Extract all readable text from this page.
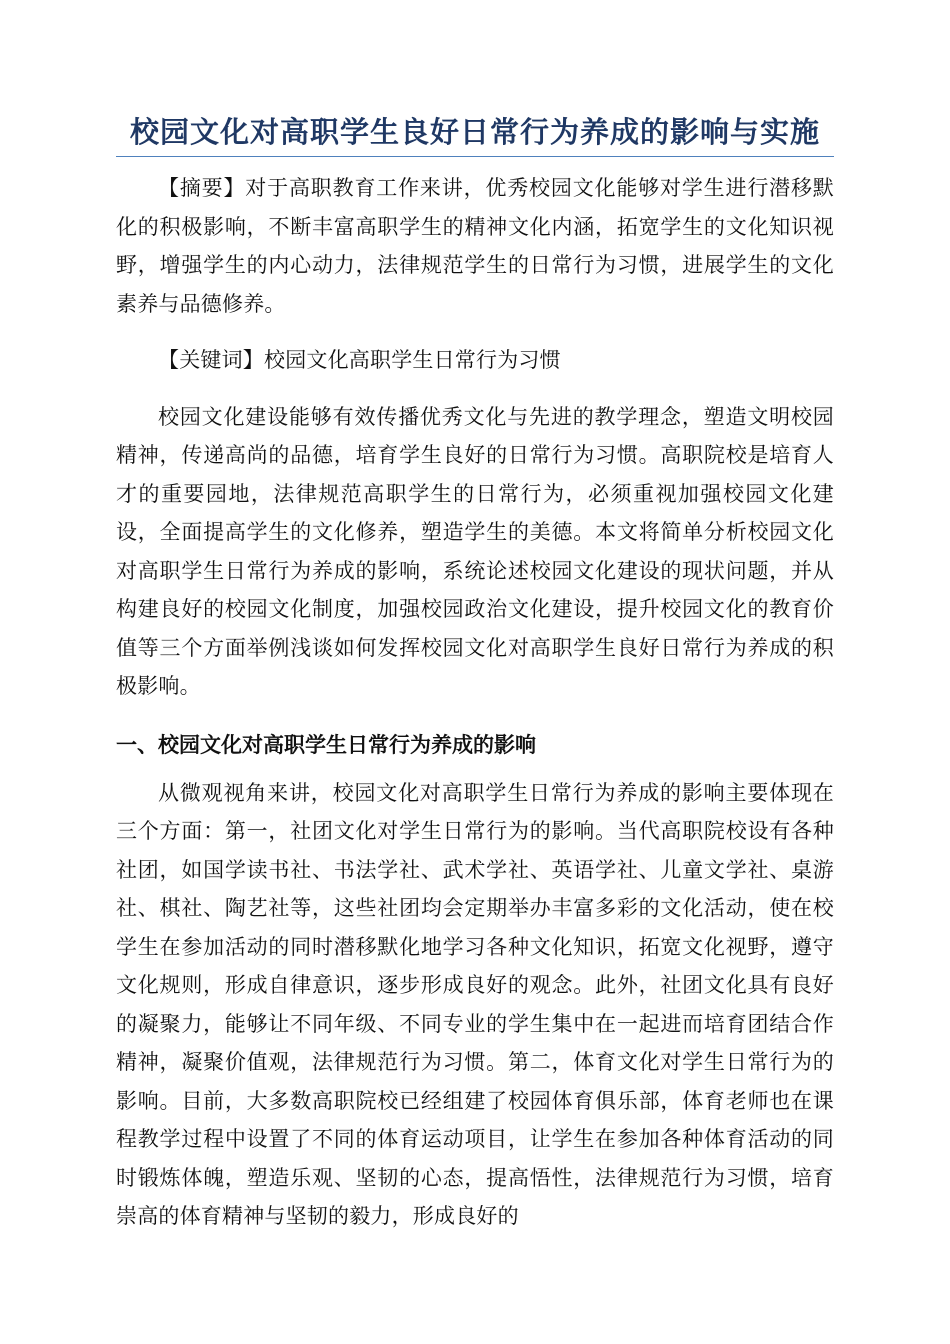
校园文化对高职学生良好日常行为养成的影响与实施

【摘要】对于高职教育工作来讲，优秀校园文化能够对学生进行潜移默化的积极影响，不断丰富高职学生的精神文化内涵，拓宽学生的文化知识视野，增强学生的内心动力，法律规范学生的日常行为习惯，进展学生的文化素养与品德修养。

【关键词】校园文化高职学生日常行为习惯

校园文化建设能够有效传播优秀文化与先进的教学理念，塑造文明校园精神，传递高尚的品德，培育学生良好的日常行为习惯。高职院校是培育人才的重要园地，法律规范高职学生的日常行为，必须重视加强校园文化建设，全面提高学生的文化修养，塑造学生的美德。本文将简单分析校园文化对高职学生日常行为养成的影响，系统论述校园文化建设的现状问题，并从构建良好的校园文化制度，加强校园政治文化建设，提升校园文化的教育价值等三个方面举例浅谈如何发挥校园文化对高职学生良好日常行为养成的积极影响。

一、校园文化对高职学生日常行为养成的影响

从微观视角来讲，校园文化对高职学生日常行为养成的影响主要体现在三个方面：第一，社团文化对学生日常行为的影响。当代高职院校设有各种社团，如国学读书社、书法学社、武术学社、英语学社、儿童文学社、桌游社、棋社、陶艺社等，这些社团均会定期举办丰富多彩的文化活动，使在校学生在参加活动的同时潜移默化地学习各种文化知识，拓宽文化视野，遵守文化规则，形成自律意识，逐步形成良好的观念。此外，社团文化具有良好的凝聚力，能够让不同年级、不同专业的学生集中在一起进而培育团结合作精神，凝聚价值观，法律规范行为习惯。第二，体育文化对学生日常行为的影响。目前，大多数高职院校已经组建了校园体育俱乐部，体育老师也在课程教学过程中设置了不同的体育运动项目，让学生在参加各种体育活动的同时锻炼体魄，塑造乐观、坚韧的心态，提高悟性，法律规范行为习惯，培育崇高的体育精神与坚韧的毅力，形成良好的
